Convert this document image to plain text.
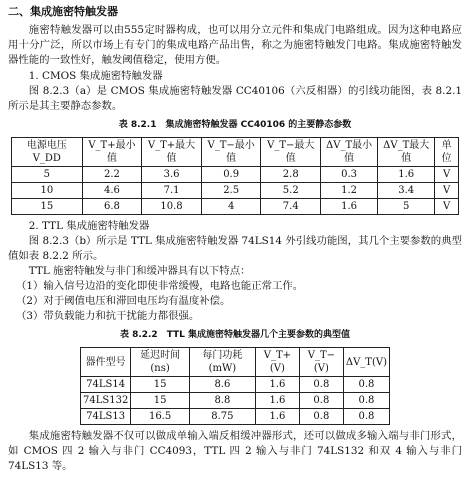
二、集成施密特触发器

施密特触发器可以由555定时器构成，也可以用分立元件和集成门电路组成。因为这种电路应用十分广泛，所以市场上有专门的集成电路产品出售，称之为施密特触发门电路。集成施密特触发器性能的一致性好，触发阈值稳定，使用方便。

1. CMOS 集成施密特触发器

图 8.2.3（a）是 CMOS 集成施密特触发器 CC40106（六反相器）的引线功能图，表 8.2.1 所示是其主要静态参数。

表 8.2.1　集成施密特触发器 CC40106 的主要静态参数
电源电压 V_DD	V_T+最小值	V_T+最大值	V_T−最小值	V_T−最大值	ΔV_T最小值	ΔV_T最大值	单位
5	2.2	3.6	0.9	2.8	0.3	1.6	V
10	4.6	7.1	2.5	5.2	1.2	3.4	V
15	6.8	10.8	4	7.4	1.6	5	V

2. TTL 集成施密特触发器

图 8.2.3（b）所示是 TTL 集成施密特触发器 74LS14 外引线功能图，其几个主要参数的典型值如表 8.2.2 所示。

TTL 施密特触发与非门和缓冲器具有以下特点：

（1）输入信号边沿的变化即使非常缓慢，电路也能正常工作。

（2）对于阈值电压和滞回电压均有温度补偿。

（3）带负载能力和抗干扰能力都很强。

表 8.2.2　TTL 集成施密特触发器几个主要参数的典型值
器件型号	延迟时间 (ns)	每门功耗 (mW)	V_T+(V)	V_T−(V)	ΔV_T(V)
74LS14	15	8.6	1.6	0.8	0.8
74LS132	15	8.8	1.6	0.8	0.8
74LS13	16.5	8.75	1.6	0.8	0.8

集成施密特触发器不仅可以做成单输入端反相缓冲器形式，还可以做成多输入端与非门形式，如 CMOS 四 2 输入与非门 CC4093，TTL 四 2 输入与非门 74LS132 和双 4 输入与非门 74LS13 等。
